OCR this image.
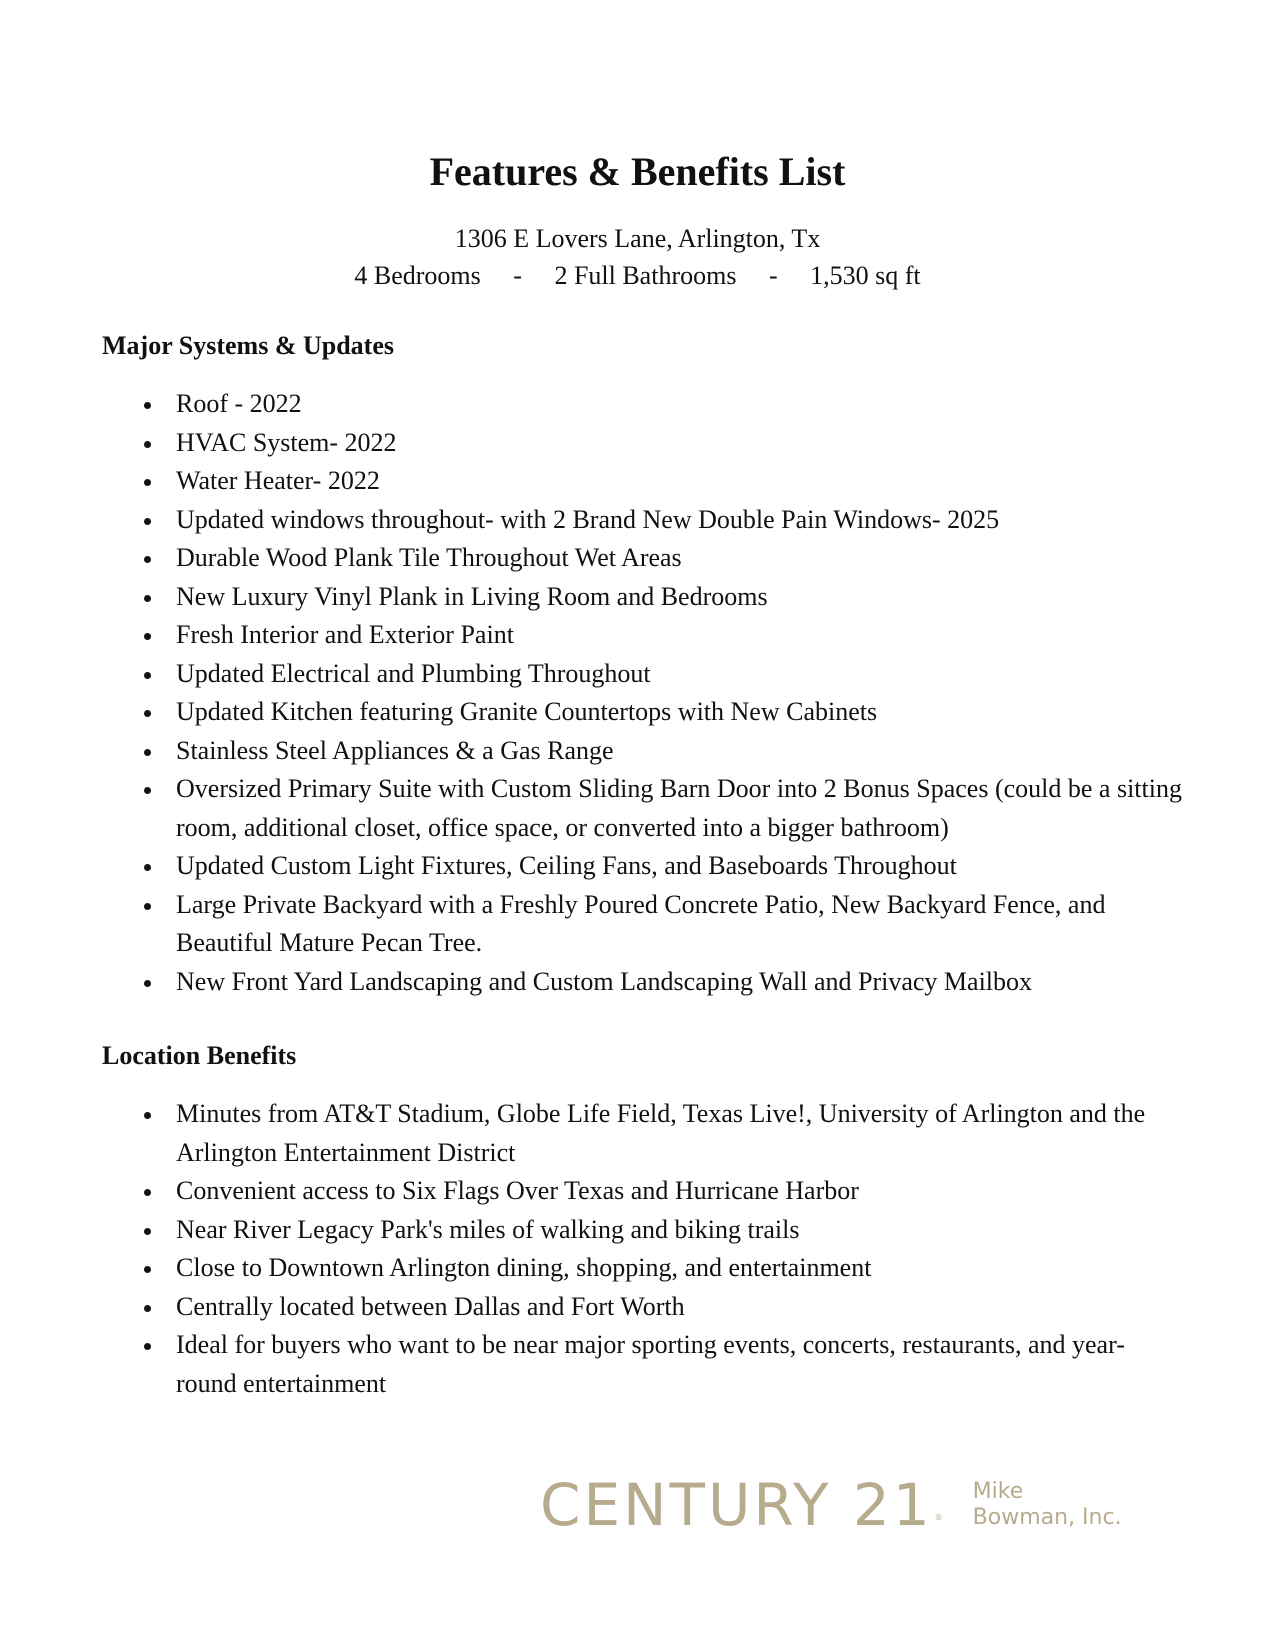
Features & Benefits List
1306 E Lovers Lane, Arlington, Tx
4 Bedrooms - 2 Full Bathrooms - 1,530 sq ft
Major Systems & Updates
Roof - 2022
HVAC System- 2022
Water Heater- 2022
Updated windows throughout- with 2 Brand New Double Pain Windows- 2025
Durable Wood Plank Tile Throughout Wet Areas
New Luxury Vinyl Plank in Living Room and Bedrooms
Fresh Interior and Exterior Paint
Updated Electrical and Plumbing Throughout
Updated Kitchen featuring Granite Countertops with New Cabinets
Stainless Steel Appliances & a Gas Range
Oversized Primary Suite with Custom Sliding Barn Door into 2 Bonus Spaces (could be a sitting room, additional closet, office space, or converted into a bigger bathroom)
Updated Custom Light Fixtures, Ceiling Fans, and Baseboards Throughout
Large Private Backyard with a Freshly Poured Concrete Patio, New Backyard Fence, and Beautiful Mature Pecan Tree.
New Front Yard Landscaping and Custom Landscaping Wall and Privacy Mailbox
Location Benefits
Minutes from AT&T Stadium, Globe Life Field, Texas Live!, University of Arlington and the Arlington Entertainment District
Convenient access to Six Flags Over Texas and Hurricane Harbor
Near River Legacy Park's miles of walking and biking trails
Close to Downtown Arlington dining, shopping, and entertainment
Centrally located between Dallas and Fort Worth
Ideal for buyers who want to be near major sporting events, concerts, restaurants, and year-round entertainment
CENTURY 21 ®
Mike
Bowman, Inc.
